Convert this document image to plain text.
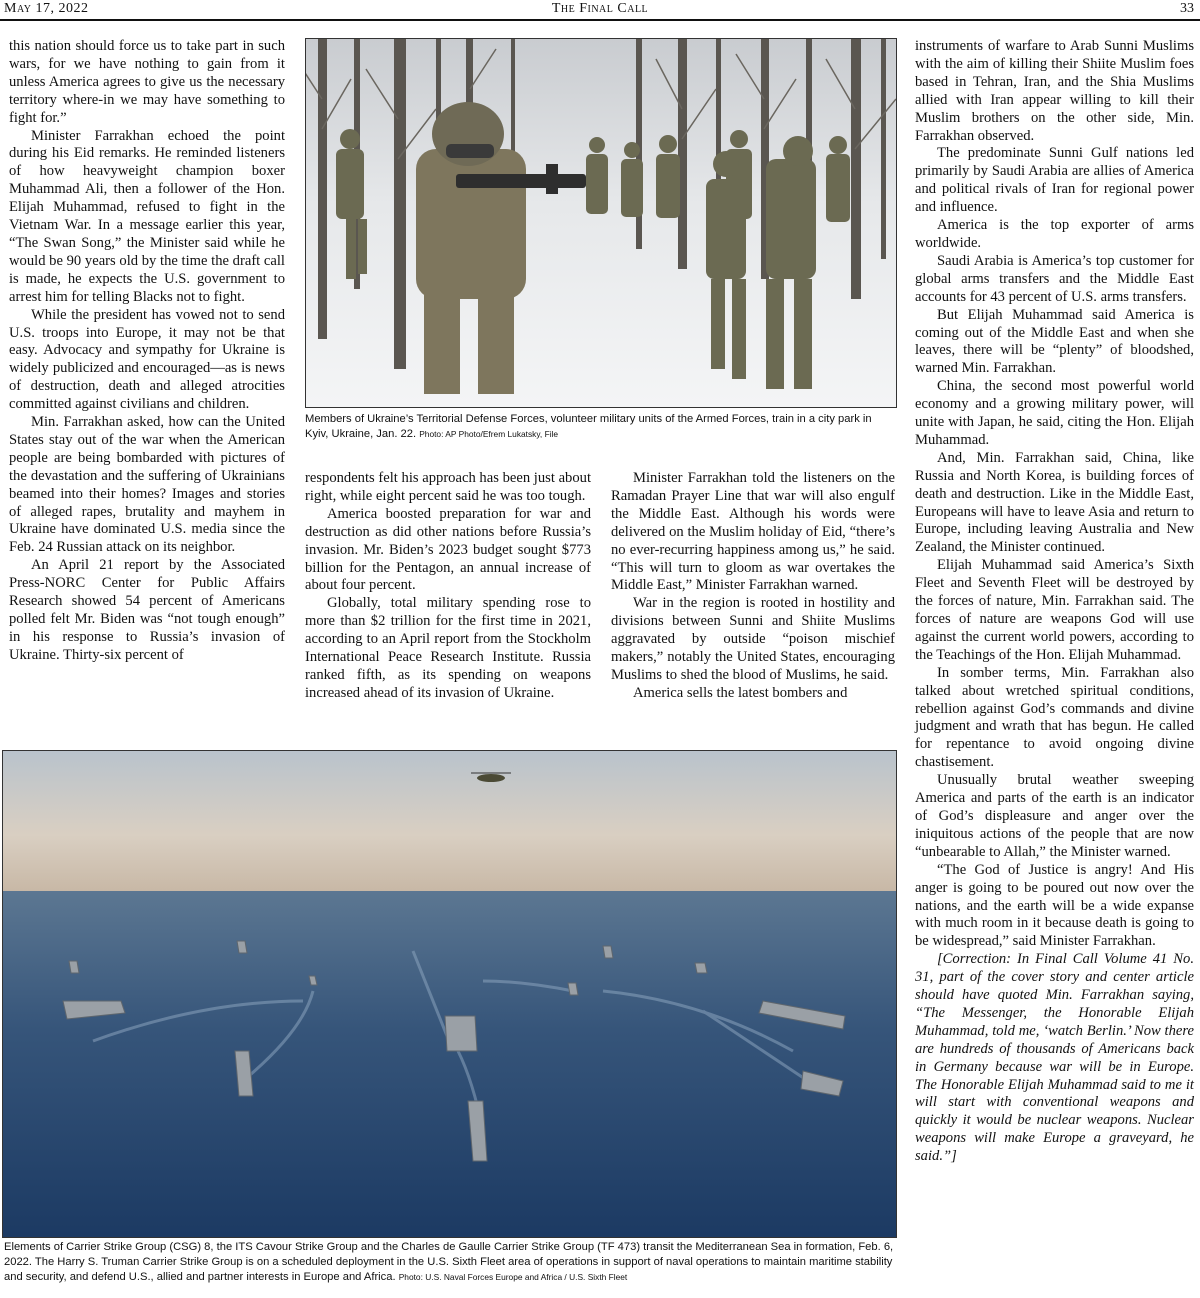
May 17, 2022	The Final Call	33

this nation should force us to take part in such wars, for we have nothing to gain from it unless America agrees to give us the necessary territory where-in we may have something to fight for.”

Minister Farrakhan echoed the point during his Eid remarks. He reminded listeners of how heavyweight champion boxer Muhammad Ali, then a follower of the Hon. Elijah Muhammad, refused to fight in the Vietnam War. In a message earlier this year, “The Swan Song,” the Minister said while he would be 90 years old by the time the draft call is made, he expects the U.S. government to arrest him for telling Blacks not to fight.

While the president has vowed not to send U.S. troops into Europe, it may not be that easy. Advocacy and sympathy for Ukraine is widely publicized and encouraged—as is news of destruction, death and alleged atrocities committed against civilians and children.

Min. Farrakhan asked, how can the United States stay out of the war when the American people are being bombarded with pictures of the devastation and the suffering of Ukrainians beamed into their homes? Images and stories of alleged rapes, brutality and mayhem in Ukraine have dominated U.S. media since the Feb. 24 Russian attack on its neighbor.

An April 21 report by the Associated Press-NORC Center for Public Affairs Research showed 54 percent of Americans polled felt Mr. Biden was “not tough enough” in his response to Russia’s invasion of Ukraine. Thirty-six percent of

Members of Ukraine’s Territorial Defense Forces, volunteer military units of the Armed Forces, train in a city park in Kyiv, Ukraine, Jan. 22. Photo: AP Photo/Efrem Lukatsky, File

respondents felt his approach has been just about right, while eight percent said he was too tough.

America boosted preparation for war and destruction as did other nations before Russia’s invasion. Mr. Biden’s 2023 budget sought $773 billion for the Pentagon, an annual increase of about four percent.

Globally, total military spending rose to more than $2 trillion for the first time in 2021, according to an April report from the Stockholm International Peace Research Institute. Russia ranked fifth, as its spending on weapons increased ahead of its invasion of Ukraine.

Minister Farrakhan told the listeners on the Ramadan Prayer Line that war will also engulf the Middle East. Although his words were delivered on the Muslim holiday of Eid, “there’s no ever-recurring happiness among us,” he said. “This will turn to gloom as war overtakes the Middle East,” Minister Farrakhan warned.

War in the region is rooted in hostility and divisions between Sunni and Shiite Muslims aggravated by outside “poison mischief makers,” notably the United States, encouraging Muslims to shed the blood of Muslims, he said.

America sells the latest bombers and

instruments of warfare to Arab Sunni Muslims with the aim of killing their Shiite Muslim foes based in Tehran, Iran, and the Shia Muslims allied with Iran appear willing to kill their Muslim brothers on the other side, Min. Farrakhan observed.

The predominate Sunni Gulf nations led primarily by Saudi Arabia are allies of America and political rivals of Iran for regional power and influence.

America is the top exporter of arms worldwide.

Saudi Arabia is America’s top customer for global arms transfers and the Middle East accounts for 43 percent of U.S. arms transfers.

But Elijah Muhammad said America is coming out of the Middle East and when she leaves, there will be “plenty” of bloodshed, warned Min. Farrakhan.

China, the second most powerful world economy and a growing military power, will unite with Japan, he said, citing the Hon. Elijah Muhammad.

And, Min. Farrakhan said, China, like Russia and North Korea, is building forces of death and destruction. Like in the Middle East, Europeans will have to leave Asia and return to Europe, including leaving Australia and New Zealand, the Minister continued.

Elijah Muhammad said America’s Sixth Fleet and Seventh Fleet will be destroyed by the forces of nature, Min. Farrakhan said. The forces of nature are weapons God will use against the current world powers, according to the Teachings of the Hon. Elijah Muhammad.

In somber terms, Min. Farrakhan also talked about wretched spiritual conditions, rebellion against God’s commands and divine judgment and wrath that has begun. He called for repentance to avoid ongoing divine chastisement.

Unusually brutal weather sweeping America and parts of the earth is an indicator of God’s displeasure and anger over the iniquitous actions of the people that are now “unbearable to Allah,” the Minister warned.

“The God of Justice is angry! And His anger is going to be poured out now over the nations, and the earth will be a wide expanse with much room in it because death is going to be widespread,” said Minister Farrakhan.

[Correction: In Final Call Volume 41 No. 31, part of the cover story and center article should have quoted Min. Farrakhan saying, “The Messenger, the Honorable Elijah Muhammad, told me, ‘watch Berlin.’ Now there are hundreds of thousands of Americans back in Germany because war will be in Europe. The Honorable Elijah Muhammad said to me it will start with conventional weapons and quickly it would be nuclear weapons. Nuclear weapons will make Europe a graveyard, he said.”]

Elements of Carrier Strike Group (CSG) 8, the ITS Cavour Strike Group and the Charles de Gaulle Carrier Strike Group (TF 473) transit the Mediterranean Sea in formation, Feb. 6, 2022. The Harry S. Truman Carrier Strike Group is on a scheduled deployment in the U.S. Sixth Fleet area of operations in support of naval operations to maintain maritime stability and security, and defend U.S., allied and partner interests in Europe and Africa. Photo: U.S. Naval Forces Europe and Africa / U.S. Sixth Fleet
